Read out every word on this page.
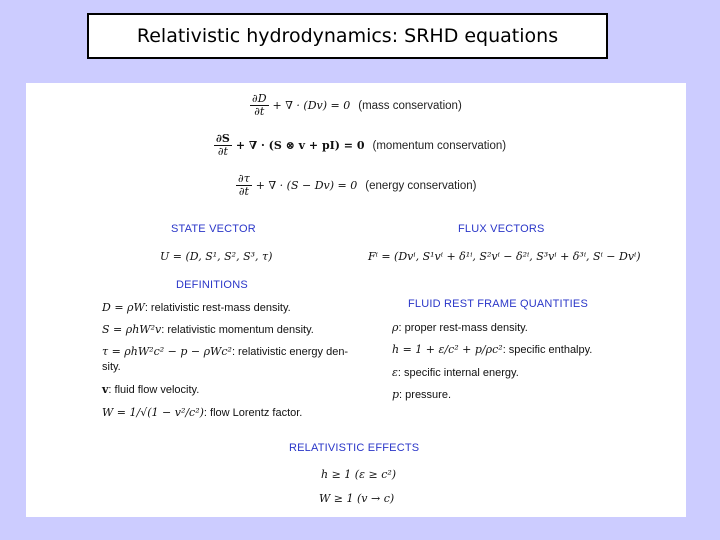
Relativistic hydrodynamics: SRHD equations
$\frac{\partial D}{\partial t}$ + ∇ · (Dv) = 0 (mass conservation)
$\frac{\partial S}{\partial t}$ + ∇ · (S ⊗ v + pI) = 0 (momentum conservation)
$\frac{\partial\tau}{\partial t}$ + ∇ · (S − Dv) = 0 (energy conservation)
STATE VECTOR
U = (D, S¹, S², S³, τ)
FLUX VECTORS
Fⁱ = (Dvⁱ, S¹vⁱ + δ¹ⁱ, S²vⁱ − δ²ⁱ, S³vⁱ + δ³ⁱ, Sⁱ − Dvⁱ)
DEFINITIONS
D = ρW: relativistic rest-mass density.
S = ρhW²v: relativistic momentum density.
τ = ρhW²c² − p − ρWc²: relativistic energy den-
sity.
v: fluid flow velocity.
W = 1/√(1 − v²/c²): flow Lorentz factor.
FLUID REST FRAME QUANTITIES
ρ: proper rest-mass density.
h = 1 + ε/c² + p/ρc²: specific enthalpy.
ε: specific internal energy.
p: pressure.
RELATIVISTIC EFFECTS
h ≥ 1 (ε ≥ c²)
W ≥ 1 (v → c)
